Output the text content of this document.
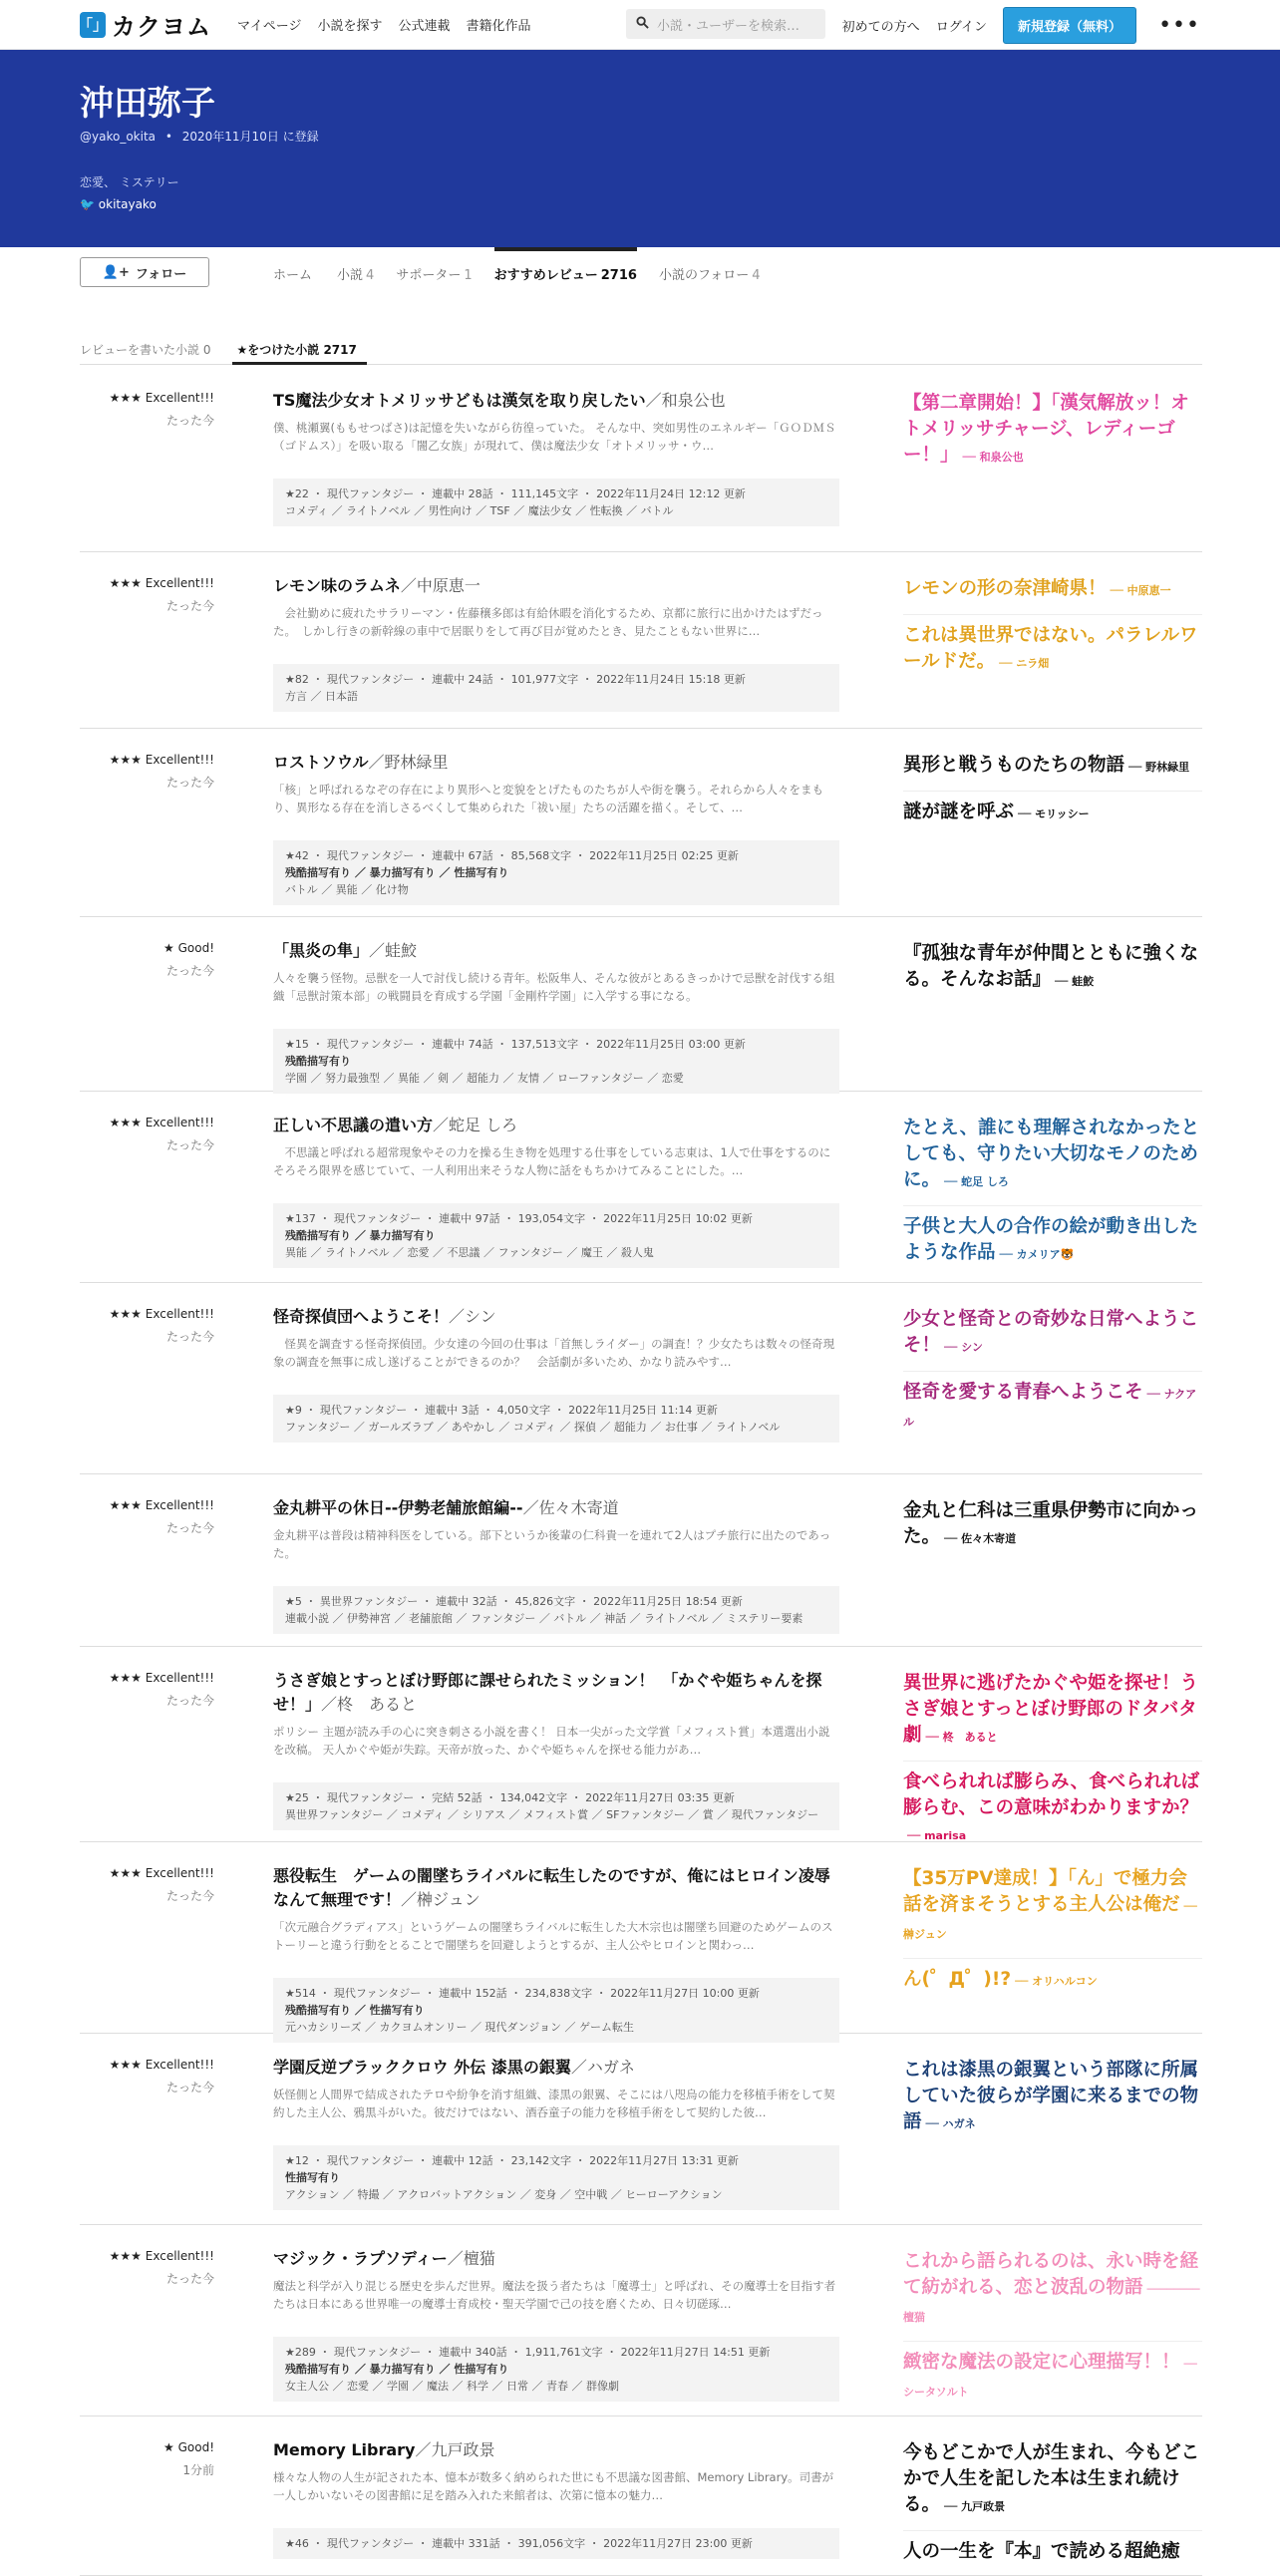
「」 カクヨム マイページ 小説を探す 公式連載 書籍化作品	小説・ユーザーを検索…	初めての方へ ログイン	新規登録（無料）	•••
沖田弥子
@yako_okita • 2020年11月10日 に登録
恋愛、 ミステリー
🐦 okitayako
👤+ フォロー	ホーム 小説 4 サポーター 1 おすすめレビュー 2716 小説のフォロー 4
レビューを書いた小説 0	★をつけた小説 2717
★★★ Excellent!!!
たった今
TS魔法少女オトメリッサどもは漢気を取り戻したい／和泉公也
僕、桃瀬翼(ももせつばさ)は記憶を失いながら彷徨っていた。 そんな中、突如男性のエネルギー「ＧＯＤＭＳ（ゴドムス）」を吸い取る「闇乙女族」が現れて、僕は魔法少女「オトメリッサ・ウ…
★22 ・ 現代ファンタジー ・ 連載中 28話 ・ 111,145文字 ・ 2022年11月24日 12:12 更新
コメディ ／ ライトノベル ／ 男性向け ／ TSF ／ 魔法少女 ／ 性転換 ／ バトル
【第二章開始！】「漢気解放ッ！オトメリッサチャージ、レディーゴー！」 ── 和泉公也
★★★ Excellent!!!
たった今
レモン味のラムネ／中原恵一
　会社勤めに疲れたサラリーマン・佐藤穣多郎は有給休暇を消化するため、京都に旅行に出かけたはずだった。　しかし行きの新幹線の車中で居眠りをして再び目が覚めたとき、見たこともない世界に…
★82 ・ 現代ファンタジー ・ 連載中 24話 ・ 101,977文字 ・ 2022年11月24日 15:18 更新
方言 ／ 日本語
レモンの形の奈津崎県！ ── 中原恵一
これは異世界ではない。パラレルワールドだ。 ── ニラ畑
★★★ Excellent!!!
たった今
ロストソウル／野林緑里
「核」と呼ばれるなぞの存在により異形へと変貌をとげたものたちが人や街を襲う。それらから人々をまもり、異形なる存在を消しさるべくして集められた「祓い屋」たちの活躍を描く。そして、…
★42 ・ 現代ファンタジー ・ 連載中 67話 ・ 85,568文字 ・ 2022年11月25日 02:25 更新
残酷描写有り ／ 暴力描写有り ／ 性描写有り
バトル ／ 異能 ／ 化け物
異形と戦うものたちの物語 ── 野林緑里
謎が謎を呼ぶ ── モリッシー
★ Good!
たった今
「黒炎の隼」／蛙鮫
人々を襲う怪物。忌獣を一人で討伐し続ける青年。松阪隼人、そんな彼がとあるきっかけで忌獣を討伐する組織「忌獣討策本部」の戦闘員を育成する学園「金剛杵学園」に入学する事になる。
★15 ・ 現代ファンタジー ・ 連載中 74話 ・ 137,513文字 ・ 2022年11月25日 03:00 更新
残酷描写有り
学園 ／ 努力最強型 ／ 異能 ／ 剣 ／ 超能力 ／ 友情 ／ ローファンタジー ／ 恋愛
『孤独な青年が仲間とともに強くなる。そんなお話』 ── 蛙鮫
★★★ Excellent!!!
たった今
正しい不思議の遣い方／蛇足 しろ
　不思議と呼ばれる超常現象やその力を操る生き物を処理する仕事をしている志東は、1人で仕事をするのにそろそろ限界を感じていて、一人利用出来そうな人物に話をもちかけてみることにした。…
★137 ・ 現代ファンタジー ・ 連載中 97話 ・ 193,054文字 ・ 2022年11月25日 10:02 更新
残酷描写有り ／ 暴力描写有り
異能 ／ ライトノベル ／ 恋愛 ／ 不思議 ／ ファンタジー ／ 魔王 ／ 殺人鬼
たとえ、誰にも理解されなかったとしても、守りたい大切なモノのために。 ── 蛇足 しろ
子供と大人の合作の絵が動き出したような作品 ── カメリア🐯
★★★ Excellent!!!
たった今
怪奇探偵団へようこそ！／シン
　怪異を調査する怪奇探偵団。少女達の今回の仕事は「首無しライダー」の調査！？少女たちは数々の怪奇現象の調査を無事に成し遂げることができるのか？　会話劇が多いため、かなり読みやす…
★9 ・ 現代ファンタジー ・ 連載中 3話 ・ 4,050文字 ・ 2022年11月25日 11:14 更新
ファンタジー ／ ガールズラブ ／ あやかし ／ コメディ ／ 探偵 ／ 超能力 ／ お仕事 ／ ライトノベル
少女と怪奇との奇妙な日常へようこそ！ ── シン
怪奇を愛する青春へようこそ ── ナクアル
★★★ Excellent!!!
たった今
金丸耕平の休日--伊勢老舗旅館編--／佐々木寄道
金丸耕平は普段は精神科医をしている。部下というか後輩の仁科貴一を連れて2人はプチ旅行に出たのであった。
★5 ・ 異世界ファンタジー ・ 連載中 32話 ・ 45,826文字 ・ 2022年11月25日 18:54 更新
連載小説 ／ 伊勢神宮 ／ 老舗旅館 ／ ファンタジー ／ バトル ／ 神話 ／ ライトノベル ／ ミステリー要素
金丸と仁科は三重県伊勢市に向かった。 ── 佐々木寄道
★★★ Excellent!!!
たった今
うさぎ娘とすっとぼけ野郎に課せられたミッション！　「かぐや姫ちゃんを探せ！」／柊　あると
ポリシー 主題が読み手の心に突き刺さる小説を書く！ 日本一尖がった文学賞「メフィスト賞」本選選出小説を改稿。 天人かぐや姫が失踪。天帝が放った、かぐや姫ちゃんを探せる能力があ…
★25 ・ 現代ファンタジー ・ 完結 52話 ・ 134,042文字 ・ 2022年11月27日 03:35 更新
異世界ファンタジー ／ コメディ ／ シリアス ／ メフィスト賞 ／ SFファンタジー ／ 賞 ／ 現代ファンタジー
異世界に逃げたかぐや姫を探せ！うさぎ娘とすっとぼけ野郎のドタバタ劇 ── 柊　あると
食べられれば膨らみ、食べられれば膨らむ、この意味がわかりますか？── marisa
★★★ Excellent!!!
たった今
悪役転生　ゲームの闇墜ちライバルに転生したのですが、俺にはヒロイン凌辱なんて無理です！／榊ジュン
「次元融合グラディアス」というゲームの闇墜ちライバルに転生した大木宗也は闇墜ち回避のためゲームのストーリーと違う行動をとることで闇墜ちを回避しようとするが、主人公やヒロインと関わっ…
★514 ・ 現代ファンタジー ・ 連載中 152話 ・ 234,838文字 ・ 2022年11月27日 10:00 更新
残酷描写有り ／ 性描写有り
元ハカシリーズ ／ カクヨムオンリー ／ 現代ダンジョン ／ ゲーム転生
【35万PV達成！】「ん」で極力会話を済まそうとする主人公は俺だ ── 榊ジュン
ん(゜Д゜)!? ── オリハルコン
★★★ Excellent!!!
たった今
学園反逆ブラッククロウ 外伝 漆黒の銀翼／ハガネ
妖怪側と人間界で結成されたテロや紛争を消す組織、漆黒の銀翼、そこには八咫烏の能力を移植手術をして契約した主人公、鴉黒斗がいた。彼だけではない、酒呑童子の能力を移植手術をして契約した彼…
★12 ・ 現代ファンタジー ・ 連載中 12話 ・ 23,142文字 ・ 2022年11月27日 13:31 更新
性描写有り
アクション ／ 特撮 ／ アクロバットアクション ／ 変身 ／ 空中戦 ／ ヒーローアクション
これは漆黒の銀翼という部隊に所属していた彼らが学園に来るまでの物語 ── ハガネ
★★★ Excellent!!!
たった今
マジック・ラプソディー／檀猫
魔法と科学が入り混じる歴史を歩んだ世界。魔法を扱う者たちは「魔導士」と呼ばれ、その魔導士を目指す者たちは日本にある世界唯一の魔導士育成校・聖天学園で己の技を磨くため、日々切磋琢…
★289 ・ 現代ファンタジー ・ 連載中 340話 ・ 1,911,761文字 ・ 2022年11月27日 14:51 更新
残酷描写有り ／ 暴力描写有り ／ 性描写有り
女主人公 ／ 恋愛 ／ 学園 ／ 魔法 ／ 科学 ／ 日常 ／ 青春 ／ 群像劇
これから語られるのは、永い時を経て紡がれる、恋と波乱の物語 ──────── 檀猫
緻密な魔法の設定に心理描写！！ ── シータソルト
★ Good!
1分前
Memory Library／九戸政景
様々な人物の人生が記された本、憶本が数多く納められた世にも不思議な図書館、Memory Library。司書が一人しかいないその図書館に足を踏み入れた来館者は、次第に憶本の魅力…
★46 ・ 現代ファンタジー ・ 連載中 331話 ・ 391,056文字 ・ 2022年11月27日 23:00 更新
今もどこかで人が生まれ、今もどこかで人生を記した本は生まれ続ける。 ── 九戸政景
人の一生を『本』で読める超絶癒
